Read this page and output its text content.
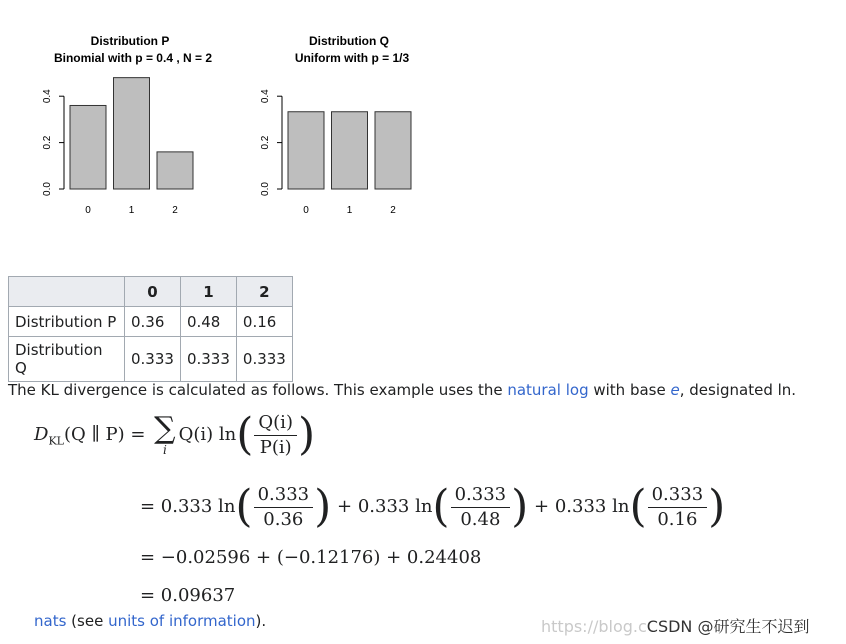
Distribution P
Binomial with p = 0.4 , N = 2
0.0
0.2
0.4
0	1	2
Distribution Q
Uniform with p = 1/3
0.0
0.2
0.4
0	1	2
	0	1	2
Distribution P	0.36	0.48	0.16
Distribution Q	0.333	0.333	0.333
The KL divergence is calculated as follows. This example uses the natural log with base e, designated ln.
$D_{KL}(Q$ ∥ P) = ∑
i
Q(i) $\ln( \frac{Q(i)}{P(i)}$ )
= 0.333 $\ln( \frac{0.333}{0.36}$ ) + 0.333 $\ln( \frac{0.333}{0.48}$ ) + 0.333 $\ln( \frac{0.333}{0.16}$ )
= −0.02596 + (−0.12176) + 0.24408
= 0.09637
nats (see units of information).	https://blog.cCSDN @研究生不迟到
